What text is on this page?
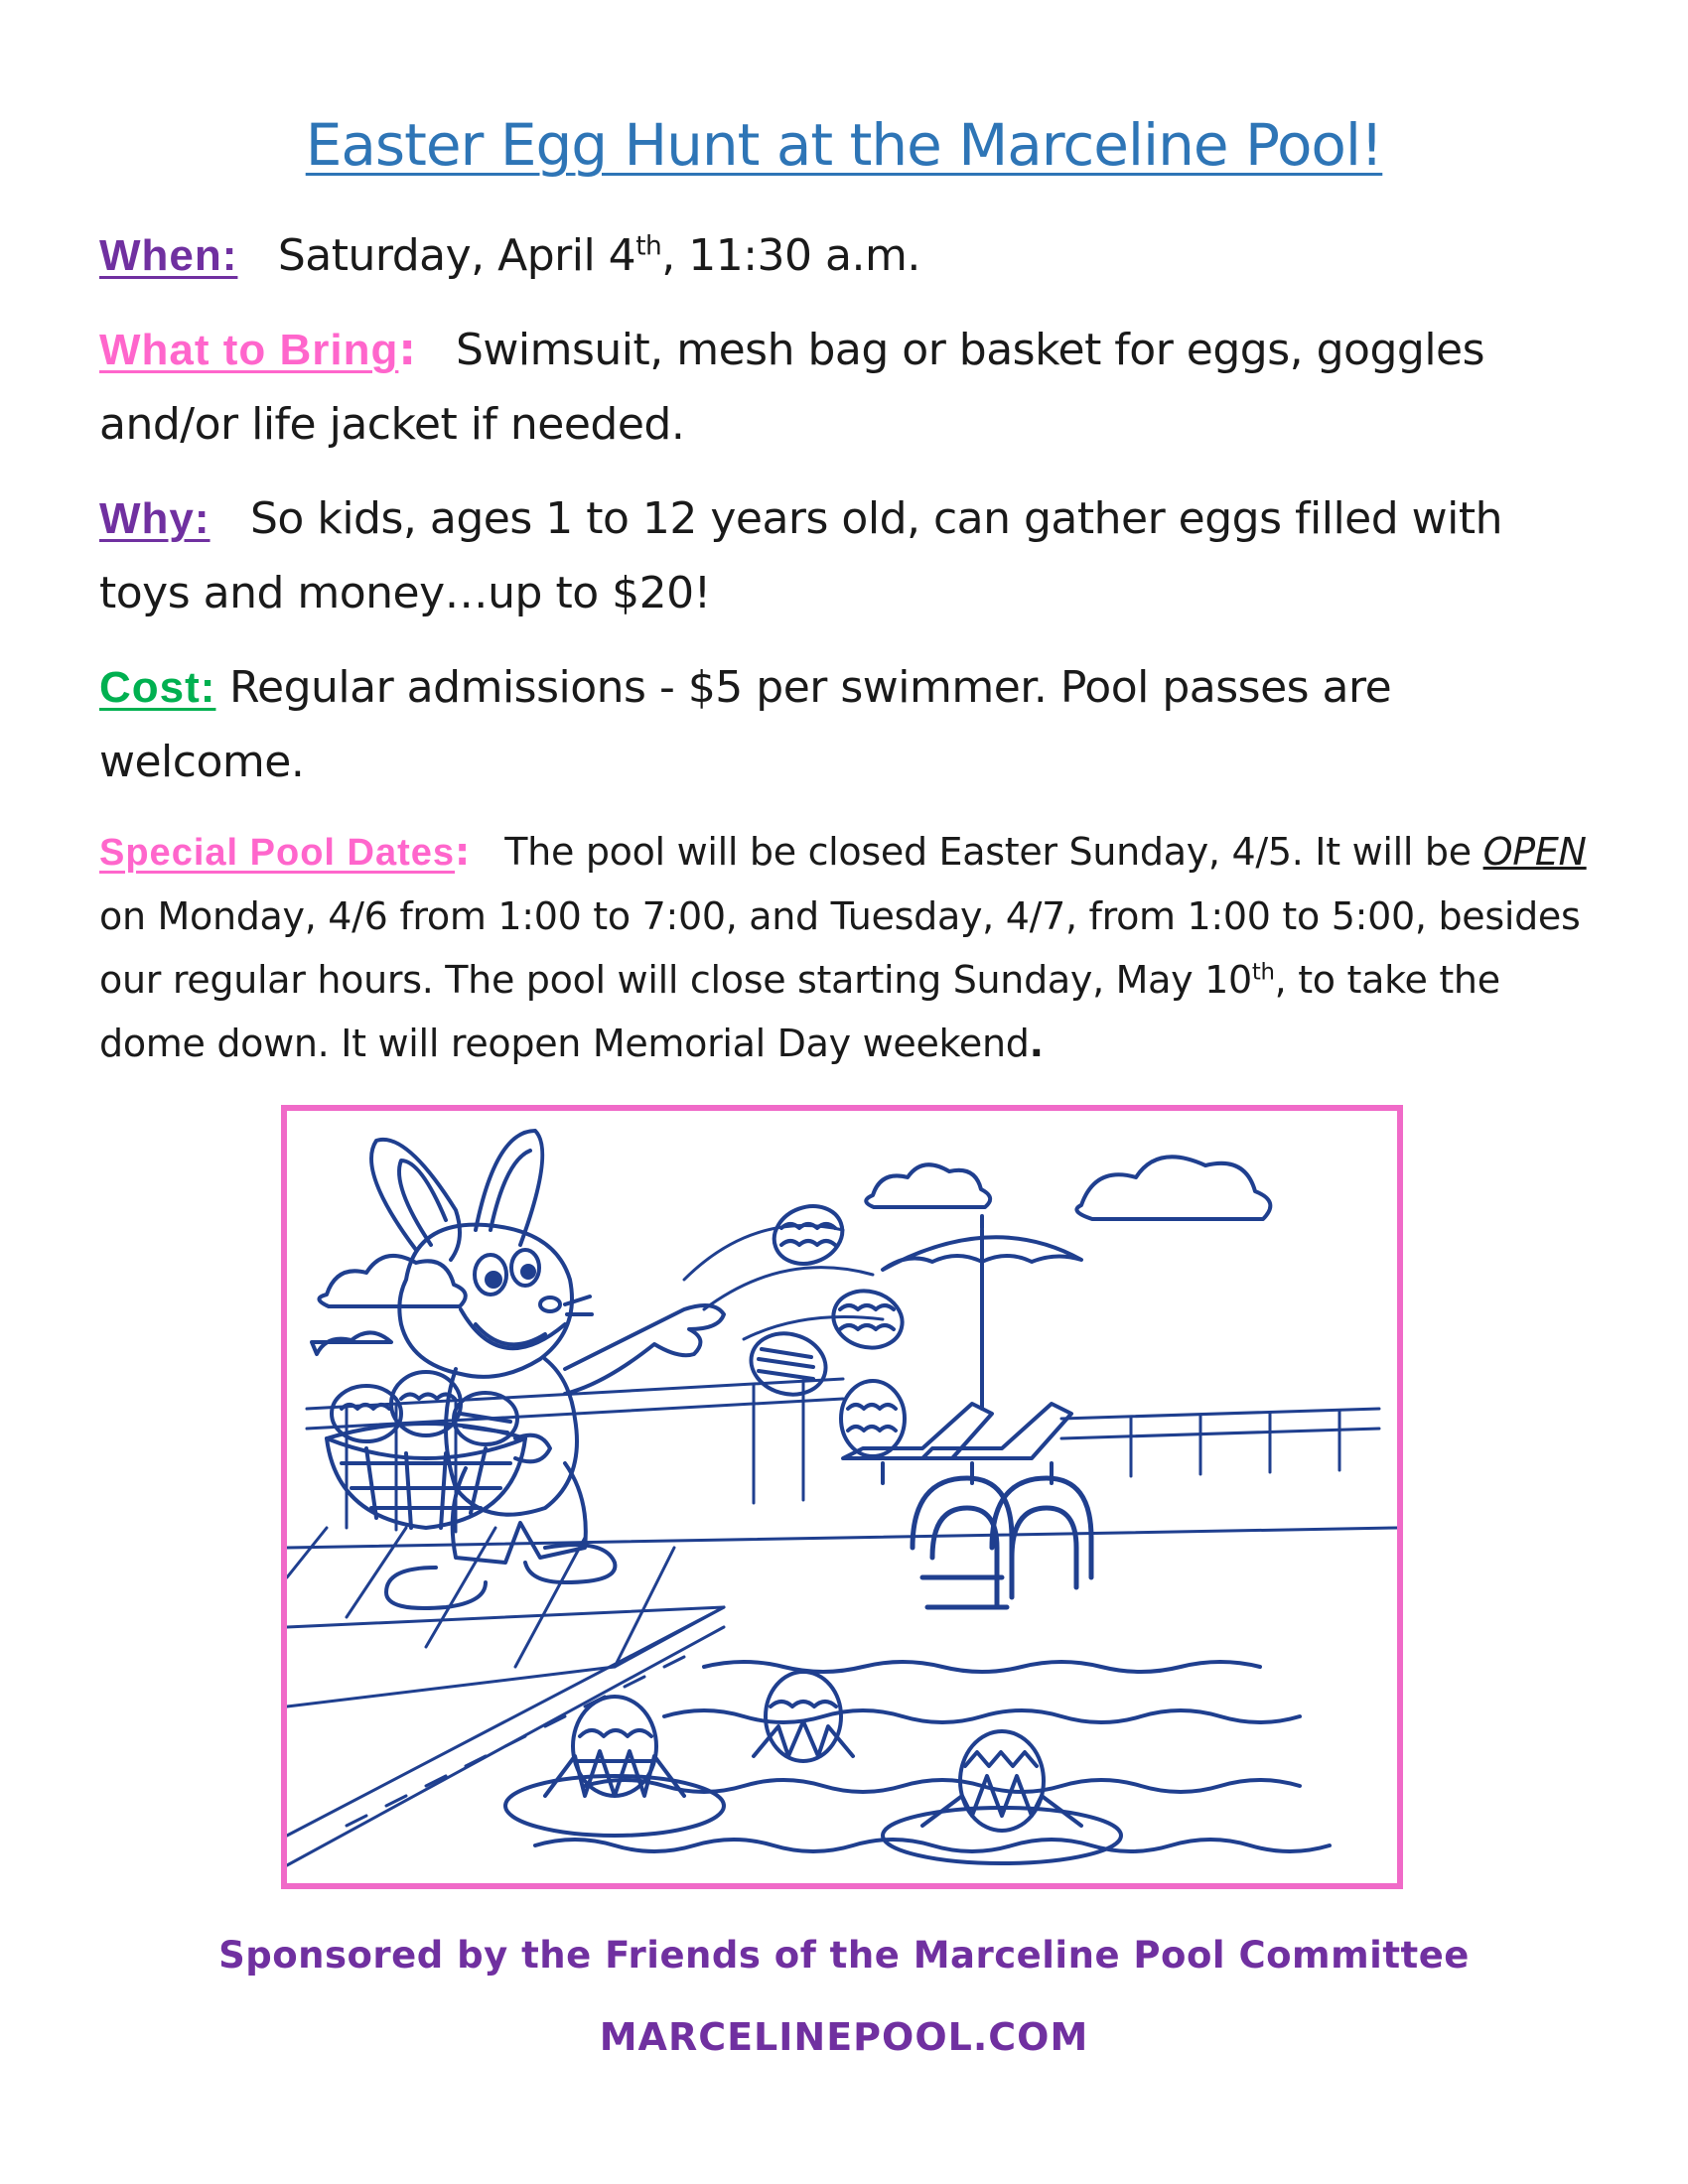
Easter Egg Hunt at the Marceline Pool!
When: Saturday, April 4th, 11:30 a.m.
What to Bring: Swimsuit, mesh bag or basket for eggs, goggles and/or life jacket if needed.
Why: So kids, ages 1 to 12 years old, can gather eggs filled with toys and money…up to $20!
Cost: Regular admissions - $5 per swimmer. Pool passes are welcome.
Special Pool Dates: The pool will be closed Easter Sunday, 4/5. It will be OPEN on Monday, 4/6 from 1:00 to 7:00, and Tuesday, 4/7, from 1:00 to 5:00, besides our regular hours. The pool will close starting Sunday, May 10th, to take the dome down. It will reopen Memorial Day weekend.
Sponsored by the Friends of the Marceline Pool Committee
MARCELINEPOOL.COM
